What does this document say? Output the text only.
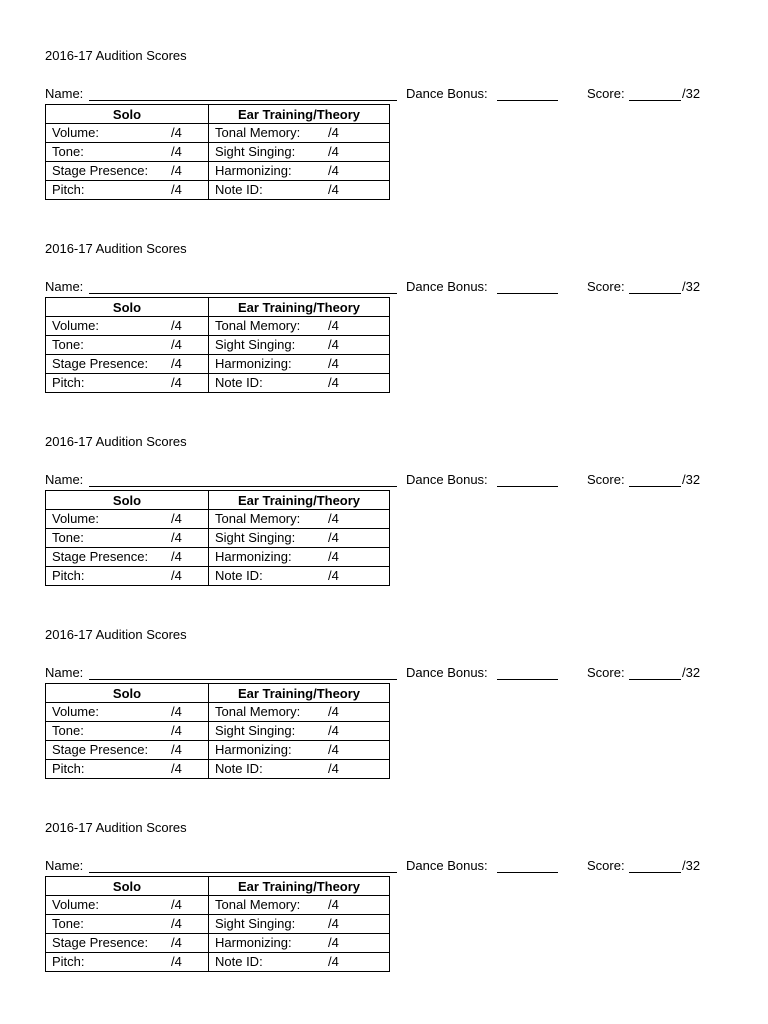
2016-17 Audition Scores
Name:	Dance Bonus:	Score:	/32
Solo	Ear Training/Theory

Volume: /4	Tonal Memory: /4

Tone: /4	Sight Singing: /4

Stage Presence: /4	Harmonizing: /4

Pitch: /4	Note ID: /4
2016-17 Audition Scores
Name:	Dance Bonus:	Score:	/32
Solo	Ear Training/Theory

Volume: /4	Tonal Memory: /4

Tone: /4	Sight Singing: /4

Stage Presence: /4	Harmonizing: /4

Pitch: /4	Note ID: /4
2016-17 Audition Scores
Name:	Dance Bonus:	Score:	/32
Solo	Ear Training/Theory

Volume: /4	Tonal Memory: /4

Tone: /4	Sight Singing: /4

Stage Presence: /4	Harmonizing: /4

Pitch: /4	Note ID: /4
2016-17 Audition Scores
Name:	Dance Bonus:	Score:	/32
Solo	Ear Training/Theory

Volume: /4	Tonal Memory: /4

Tone: /4	Sight Singing: /4

Stage Presence: /4	Harmonizing: /4

Pitch: /4	Note ID: /4
2016-17 Audition Scores
Name:	Dance Bonus:	Score:	/32
Solo	Ear Training/Theory

Volume: /4	Tonal Memory: /4

Tone: /4	Sight Singing: /4

Stage Presence: /4	Harmonizing: /4

Pitch: /4	Note ID: /4
